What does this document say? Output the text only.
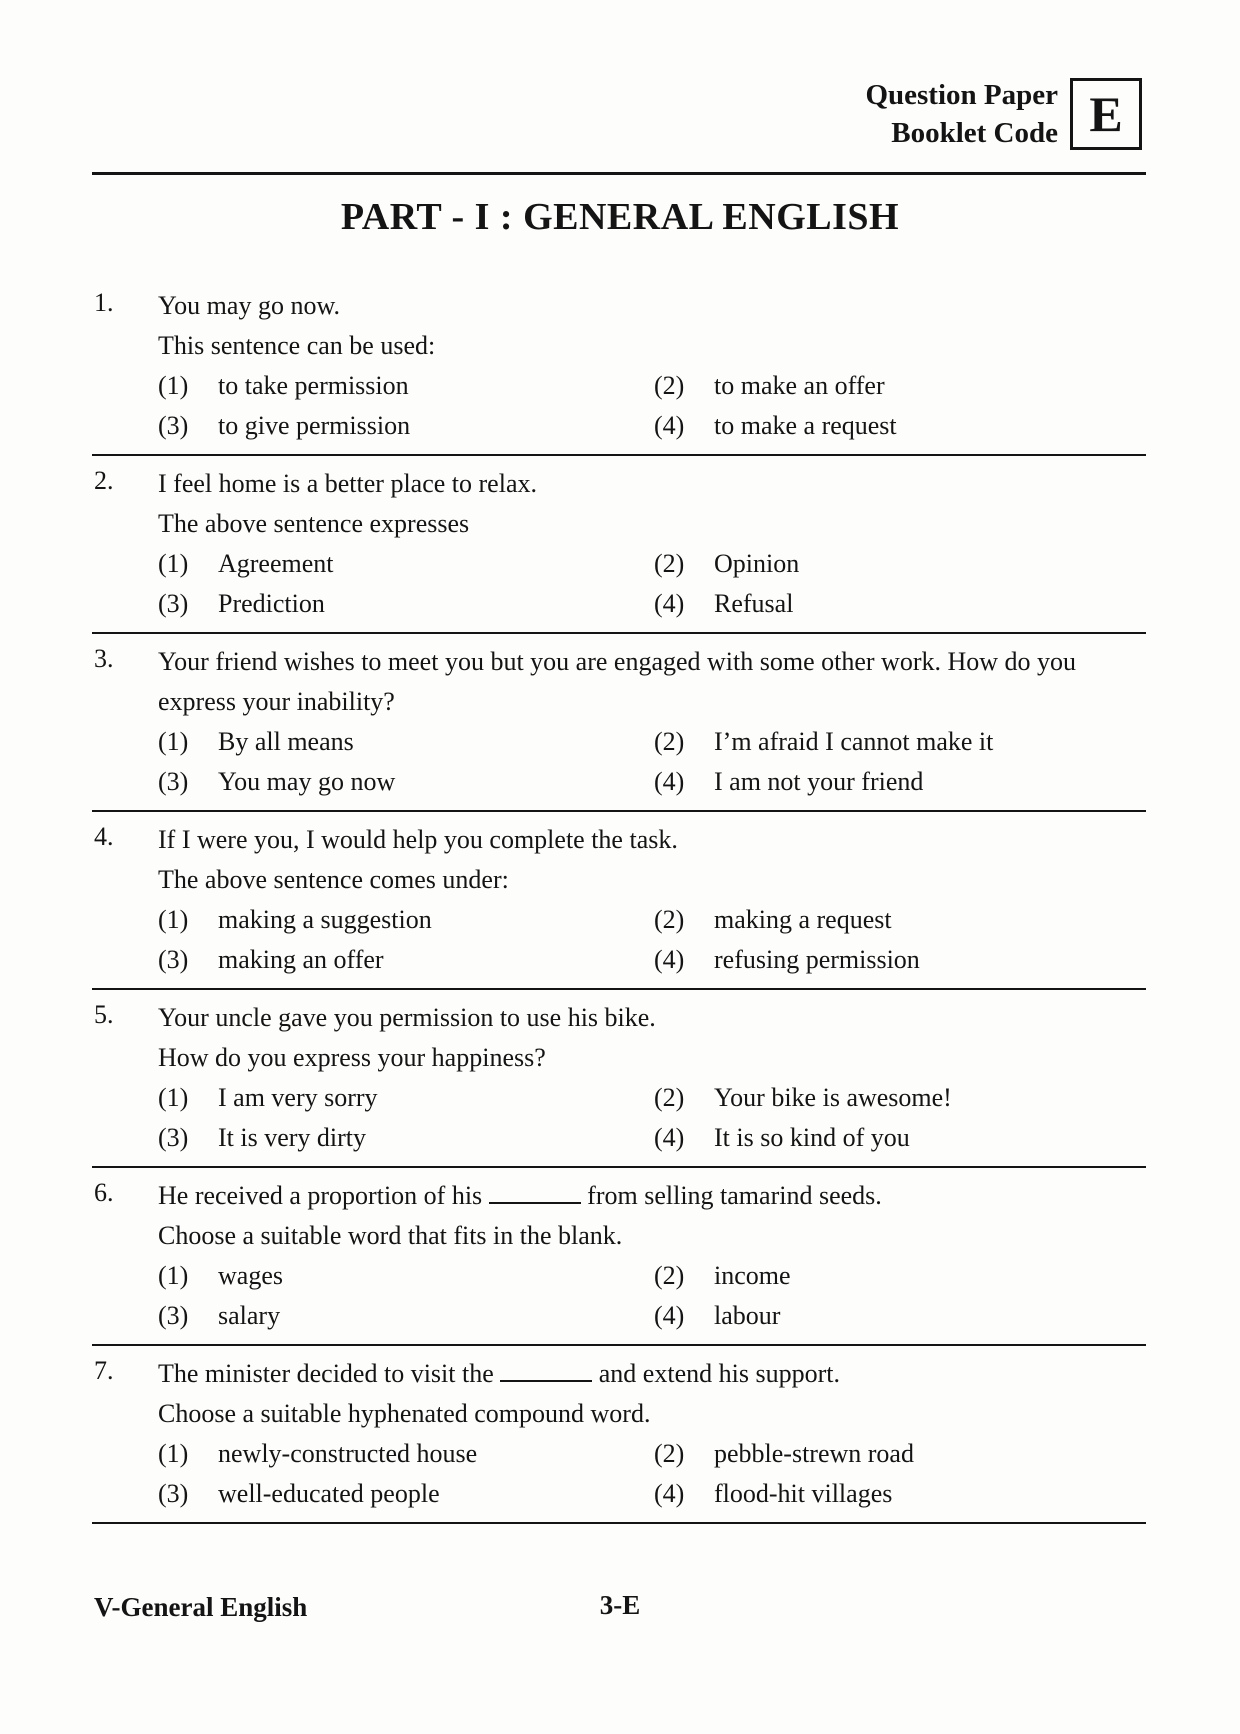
Question Paper
Booklet Code E
PART - I : GENERAL ENGLISH
1. You may go now.
This sentence can be used:
(1)	to take permission	(2)	to make an offer
(3)	to give permission	(4)	to make a request
2. I feel home is a better place to relax.
The above sentence expresses
(1)	Agreement	(2)	Opinion
(3)	Prediction	(4)	Refusal
3. Your friend wishes to meet you but you are engaged with some other work. How do you
express your inability?
(1)	By all means	(2)	I’m afraid I cannot make it
(3)	You may go now	(4)	I am not your friend
4. If I were you, I would help you complete the task.
The above sentence comes under:
(1)	making a suggestion	(2)	making a request
(3)	making an offer	(4)	refusing permission
5. Your uncle gave you permission to use his bike.
How do you express your happiness?
(1)	I am very sorry	(2)	Your bike is awesome!
(3)	It is very dirty	(4)	It is so kind of you
6. He received a proportion of his	from selling tamarind seeds.
Choose a suitable word that fits in the blank.
(1)	wages	(2)	income
(3)	salary	(4)	labour
7. The minister decided to visit the	and extend his support.
Choose a suitable hyphenated compound word.
(1)	newly-constructed house	(2)	pebble-strewn road
(3)	well-educated people	(4)	flood-hit villages
V-General English	3-E
